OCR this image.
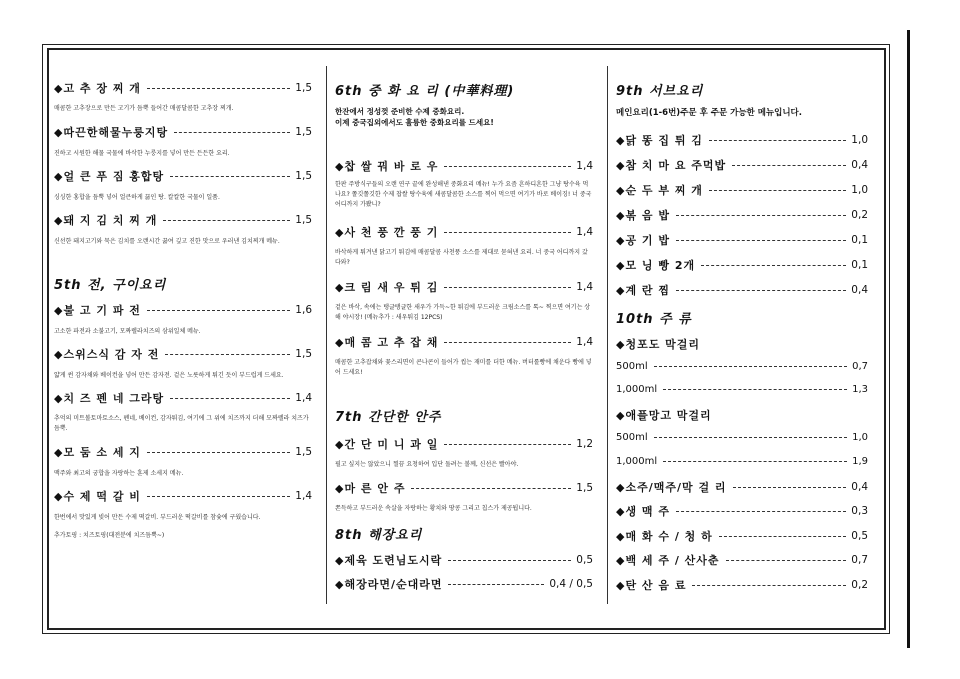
◆고 추 장 찌 개	1,5
매콤한 고추장으로 만든 고기가 듬뿍 들어간 매콤달콤한 고추장 찌개.
◆따끈한해물누룽지탕	1,5
진하고 시원한 해물 국물에 바삭한 누룽지를 넣어 만든 든든한 요리.
◆얼 큰 푸 짐 홍합탕	1,5
싱싱한 홍합을 듬뿍 넣어 얼큰하게 끓인 탕. 칼칼한 국물이 일품.
◆돼 지 김 치 찌 개	1,5
신선한 돼지고기와 묵은 김치를 오랜시간 끓여 깊고 진한 맛으로 우러낸 김치찌개 메뉴.
5th 전, 구이요리
◆불 고 기 파 전	1,6
고소한 파전과 소불고기, 모짜렐라치즈의 삼위일체 메뉴.
◆스위스식 감 자 전	1,5
얇게 썬 감자채와 베이컨을 넣어 만든 감자전. 겉은 노릇하게 튀긴 듯이 부드럽게 드세요.
◆치 즈 펜 네 그라탕	1,4
추억의 미트볼토마토소스, 펜네, 베이컨, 감자튀김, 여기에 그 위에 치즈까지 더해 모짜렐라 치즈가 듬뿍.
◆모 둠 소 세 지	1,5
맥주와 최고의 궁합을 자랑하는 훈제 소세지 메뉴.
◆수 제 떡 갈 비	1,4
한번에서 맛있게 빚어 만든 수제 떡갈비. 부드러운 떡갈비를 참숯에 구웠습니다.
추가토핑 : 치즈토핑(대전분에 치즈듬뿍~)
6th 중 화 요 리 (中華料理)
한잔에서 정성껏 준비한 수제 중화요리.
이제 중국집외에서도 훌륭한 중화요리를 드세요!
◆찹 쌀 꿔 바 로 우	1,4
한판 주방식구들의 오랜 연구 끝에 완성해낸 중화요리 메뉴! 누가 요즘 흔하디흔한 그냥 탕수육 먹나요? 쫄깃쫄깃한 수제 찹쌀 탕수육에 새콤달콤한 소스를 찍어 먹으면 여기가 바로 베이징! 너 중국 어디까지 가봤니?
◆사 천 풍 깐 풍 기	1,4
바삭하게 튀겨낸 닭고기 튀김에 매콤달콤 사천풍 소스를 제대로 묻혀낸 요리. 너 중국 어디까지 갔다와?
◆크 림 새 우 튀 김	1,4
겉은 바삭, 속에는 탱글탱글한 새우가 가득~한 튀김에 부드러운 크림소스를 톡~ 찍으면 여기는 상해 야시장! (메뉴추가 : 새우튀김 12PCS)
◆매 콤 고 추 잡 채	1,4
매콤한 고추잡채와 꽃스리면이 콘나콘이 들어가 씹는 재미를 더한 메뉴. 버터롤빵에 채운다 빵에 넣어 드세요!
7th 간단한 안주
◆간 단 미 니 과 일	1,2
필고 싶지는 않았으니 찔끔 요청하여 입단 돌려는 볼께, 신선은 빨아야.
◆마 른 안 주	1,5
쫀득하고 부드러운 속살을 자랑하는 황치와 땅콩 그리고 칩스가 제공됩니다.
8th 해장요리
◆제육 도련님도시락	0,5
◆해장라면/순대라면	0,4 / 0,5
9th 서브요리
메인요리(1-6번)주문 후 주문 가능한 메뉴입니다.
◆닭 똥 집 튀 김	1,0
◆참 치 마 요 주먹밥	0,4
◆순 두 부 찌 개	1,0
◆볶 음 밥	0,2
◆공 기 밥	0,1
◆모 닝 빵 2개	0,1
◆계 란 찜	0,4
10th 주 류
◆청포도 막걸리
500ml	0,7
1,000ml	1,3
◆애플망고 막걸리
500ml	1,0
1,000ml	1,9
◆소주/맥주/막 걸 리	0,4
◆생 맥 주	0,3
◆매 화 수 / 청 하	0,5
◆백 세 주 / 산사춘	0,7
◆탄 산 음 료	0,2
